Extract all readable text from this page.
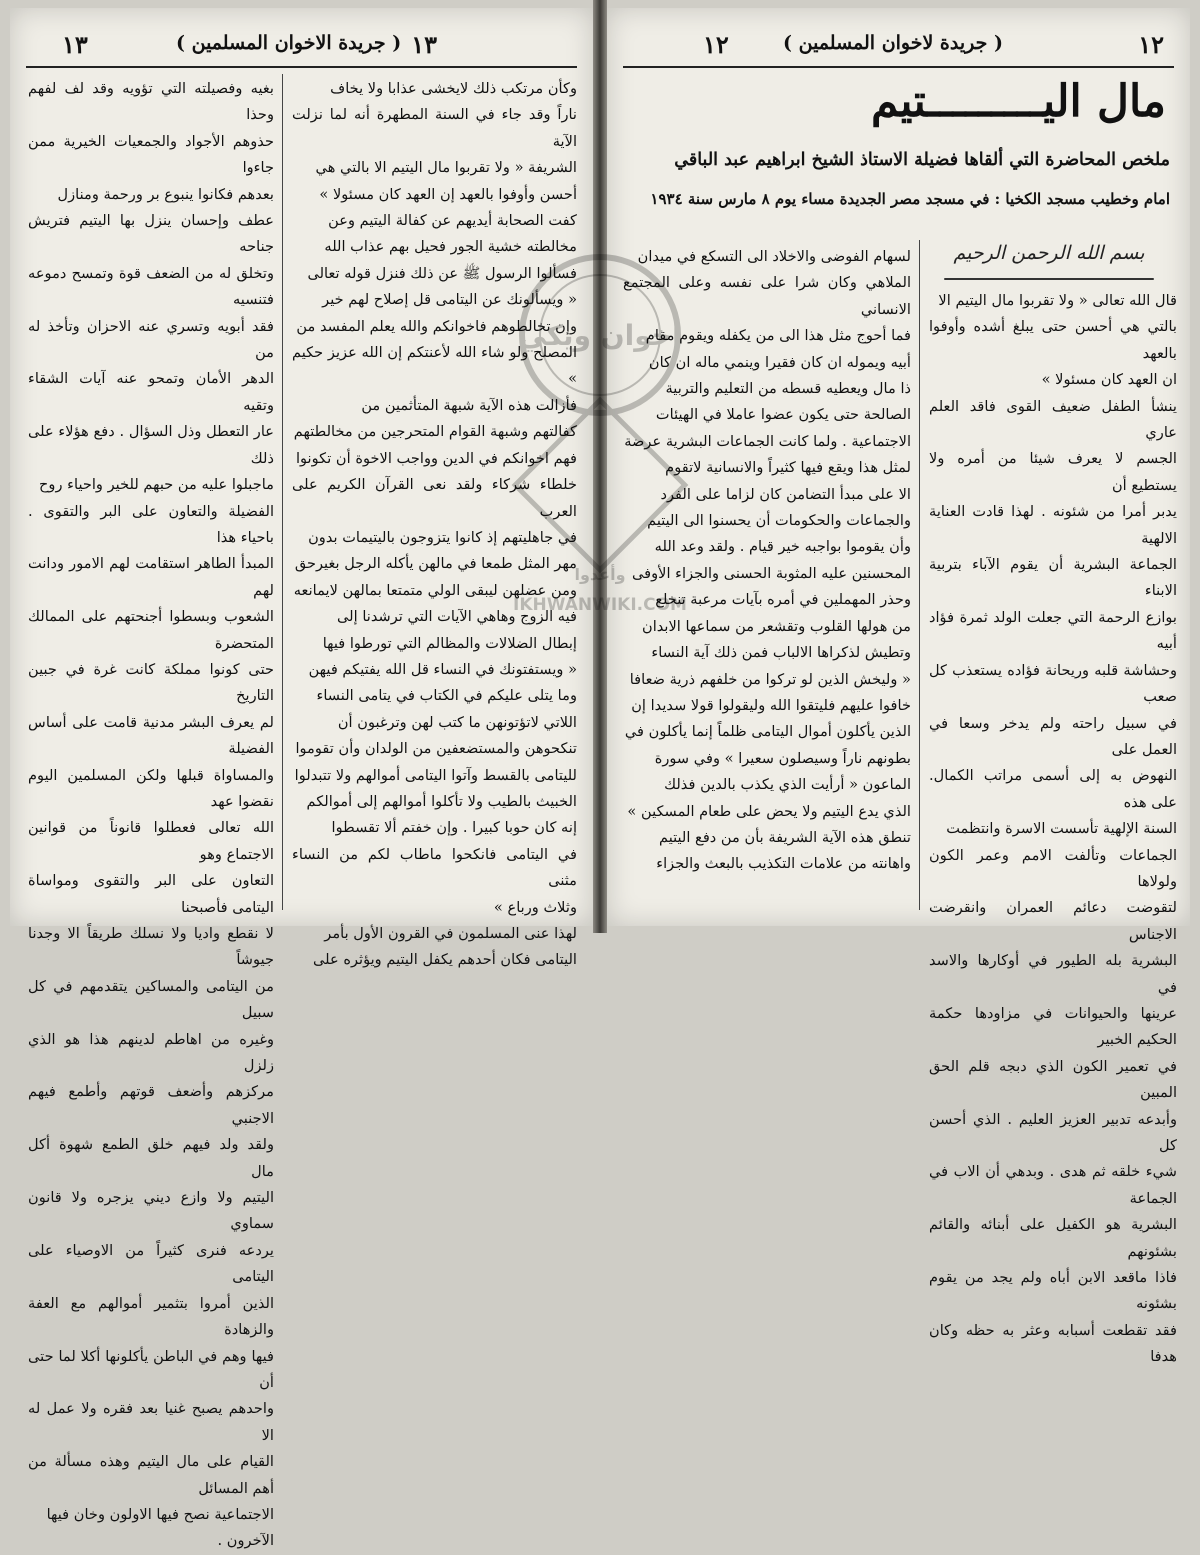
١٣
( جريدة الاخوان المسلمين )
١٣

بغيه وفصيلته التي تؤويه وقد لف لفهم وحذا

حذوهم الأجواد والجمعيات الخيرية ممن جاءوا

بعدهم فكانوا ينبوع بر ورحمة ومنازل

عطف وإحسان ينزل بها اليتيم فتريش جناحه

وتخلق له من الضعف قوة وتمسح دموعه فتنسيه

فقد أبويه وتسري عنه الاحزان وتأخذ له من

الدهر الأمان وتمحو عنه آيات الشقاء وتقيه

عار التعطل وذل السؤال . دفع هؤلاء على ذلك

ماجبلوا عليه من حبهم للخير واحياء روح

الفضيلة والتعاون على البر والتقوى . باحياء هذا

المبدأ الطاهر استقامت لهم الامور ودانت لهم

الشعوب وبسطوا أجنحتهم على الممالك المتحضرة

حتى كونوا مملكة كانت غرة في جبين التاريخ

لم يعرف البشر مدنية قامت على أساس الفضيلة

والمساواة قبلها ولكن المسلمين اليوم نقضوا عهد

الله تعالى فعطلوا قانوناً من قوانين الاجتماع وهو

التعاون على البر والتقوى ومواساة اليتامى فأصبحنا

لا نقطع واديا ولا نسلك طريقاً الا وجدنا جيوشاً

من اليتامى والمساكين يتقدمهم في كل سبيل

وغيره من اهاطم لدينهم هذا هو الذي زلزل

مركزهم وأضعف قوتهم وأطمع فيهم الاجنبي

ولقد ولد فيهم خلق الطمع شهوة أكل مال

اليتيم ولا وازع ديني يزجره ولا قانون سماوي

يردعه فنرى كثيراً من الاوصياء على اليتامى

الذين أمروا بتثمير أموالهم مع العفة والزهادة

فيها وهم في الباطن يأكلونها أكلا لما حتى أن

واحدهم يصبح غنيا بعد فقره ولا عمل له الا

القيام على مال اليتيم وهذه مسألة من أهم المسائل

الاجتماعية نصح فيها الاولون وخان فيها

الآخرون .

وكأن مرتكب ذلك لايخشى عذابا ولا يخاف

ناراً وقد جاء في السنة المطهرة أنه لما نزلت الآية

الشريفة « ولا تقربوا مال اليتيم الا بالتي هي

أحسن وأوفوا بالعهد إن العهد كان مسئولا »

كفت الصحابة أيديهم عن كفالة اليتيم وعن

مخالطته خشية الجور فحيل بهم عذاب الله

فسألوا الرسول ﷺ عن ذلك فنزل قوله تعالى

« ويسألونك عن اليتامى قل إصلاح لهم خير

وإن تخالطوهم فاخوانكم والله يعلم المفسد من

المصلح ولو شاء الله لأعنتكم إن الله عزيز حكيم »

فأزالت هذه الآية شبهة المتأثمين من

كفالتهم وشبهة القوام المتحرجين من مخالطتهم

فهم اخوانكم في الدين وواجب الاخوة أن تكونوا

خلطاء شركاء ولقد نعى القرآن الكريم على العرب

في جاهليتهم إذ كانوا يتزوجون باليتيمات بدون

مهر المثل طمعا في مالهن يأكله الرجل بغيرحق

ومن عضلهن ليبقى الولي متمتعا بمالهن لايمانعه

فيه الزوج وهاهي الآيات التي ترشدنا إلى

إبطال الضلالات والمظالم التي تورطوا فيها

« ويستفتونك في النساء قل الله يفتيكم فيهن

وما يتلى عليكم في الكتاب في يتامى النساء

اللاتي لاتؤتونهن ما كتب لهن وترغبون أن

تنكحوهن والمستضعفين من الولدان وأن تقوموا

لليتامى بالقسط وآتوا اليتامى أموالهم ولا تتبدلوا

الخبيث بالطيب ولا تأكلوا أموالهم إلى أموالكم

إنه كان حوبا كبيرا . وإن خفتم ألا تقسطوا

في اليتامى فانكحوا ماطاب لكم من النساء مثنى

وثلاث ورباع »

لهذا عنى المسلمون في القرون الأول بأمر

اليتامى فكان أحدهم يكفل اليتيم ويؤثره على

١٢
( جريدة لاخوان المسلمين )
١٢
مال اليـــــــــتيم
ملخص المحاضرة التي ألقاها فضيلة الاستاذ الشيخ ابراهيم عبد الباقي
امام وخطيب مسجد الكخيا : في مسجد مصر الجديدة مساء يوم ٨ مارس سنة ١٩٣٤
بسم الله الرحمن الرحيم

لسهام الفوضى والاخلاد الى التسكع في ميدان

الملاهي وكان شرا على نفسه وعلى المجتمع الانساني

فما أحوج مثل هذا الى من يكفله ويقوم مقام

أبيه ويموله ان كان فقيرا وينمي ماله ان كان

ذا مال ويعطيه قسطه من التعليم والتربية

الصالحة حتى يكون عضوا عاملا في الهيئات

الاجتماعية . ولما كانت الجماعات البشرية عرضة

لمثل هذا ويقع فيها كثيراً والانسانية لاتقوم

الا على مبدأ التضامن كان لزاما على الفرد

والجماعات والحكومات أن يحسنوا الى اليتيم

وأن يقوموا بواجبه خير قيام . ولقد وعد الله

المحسنين عليه المثوبة الحسنى والجزاء الأوفى

وحذر المهملين في أمره بآيات مرعبة تنخلع

من هولها القلوب وتقشعر من سماعها الابدان

وتطيش لذكراها الالباب فمن ذلك آية النساء

« وليخش الذين لو تركوا من خلفهم ذرية ضعافا

خافوا عليهم فليتقوا الله وليقولوا قولا سديدا إن

الذين يأكلون أموال اليتامى ظلماً إنما يأكلون في

بطونهم ناراً وسيصلون سعيرا » وفي سورة

الماعون « أرأيت الذي يكذب بالدين فذلك

الذي يدع اليتيم ولا يحض على طعام المسكين »

تنطق هذه الآية الشريفة بأن من دفع اليتيم

واهانته من علامات التكذيب بالبعث والجزاء

قال الله تعالى « ولا تقربوا مال اليتيم الا

بالتي هي أحسن حتى يبلغ أشده وأوفوا بالعهد

ان العهد كان مسئولا »

ينشأ الطفل ضعيف القوى فاقد العلم عاري

الجسم لا يعرف شيئا من أمره ولا يستطيع أن

يدبر أمرا من شئونه . لهذا قادت العناية الالهية

الجماعة البشرية أن يقوم الآباء بتربية الابناء

بوازع الرحمة التي جعلت الولد ثمرة فؤاد أبيه

وحشاشة قلبه وريحانة فؤاده يستعذب كل صعب

في سبيل راحته ولم يدخر وسعا في العمل على

النهوض به إلى أسمى مراتب الكمال. على هذه

السنة الإلهية تأسست الاسرة وانتظمت

الجماعات وتألفت الامم وعمر الكون ولولاها

لتقوضت دعائم العمران وانقرضت الاجناس

البشرية بله الطيور في أوكارها والاسد في

عرينها والحيوانات في مزاودها حكمة الحكيم الخبير

في تعمير الكون الذي دبجه قلم الحق المبين

وأبدعه تدبير العزيز العليم . الذي أحسن كل

شيء خلقه ثم هدى . وبدهي أن الاب في الجماعة

البشرية هو الكفيل على أبنائه والقائم بشئونهم

فاذا ماقعد الابن أباه ولم يجد من يقوم بشئونه

فقد تقطعت أسبابه وعثر به حظه وكان هدفا

إخوان ويكي
وأعدوا
IKHWANWIKI.COM
